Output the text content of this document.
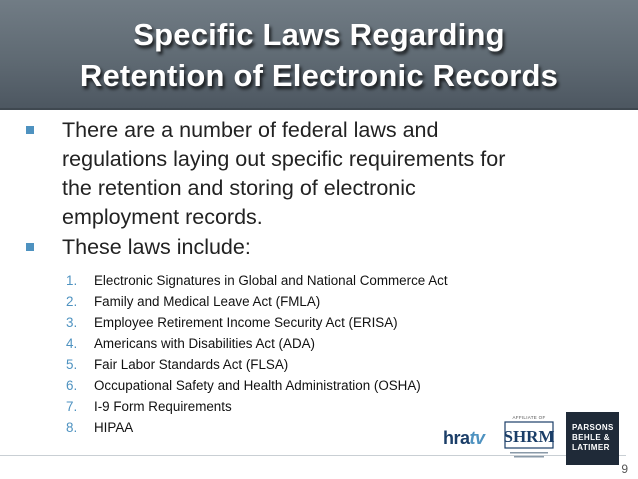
Specific Laws Regarding
Retention of Electronic Records
There are a number of federal laws and
regulations laying out specific requirements for
the retention and storing of electronic
employment records.
These laws include:
1. Electronic Signatures in Global and National Commerce Act
2. Family and Medical Leave Act (FMLA)
3. Employee Retirement Income Security Act (ERISA)
4. Americans with Disabilities Act (ADA)
5. Fair Labor Standards Act (FLSA)
6. Occupational Safety and Health Administration (OSHA)
7. I-9 Form Requirements
8. HIPAA
hratv
AFFILIATE OF
SHRM PARSONS
BEHLE &
LATIMER
9
